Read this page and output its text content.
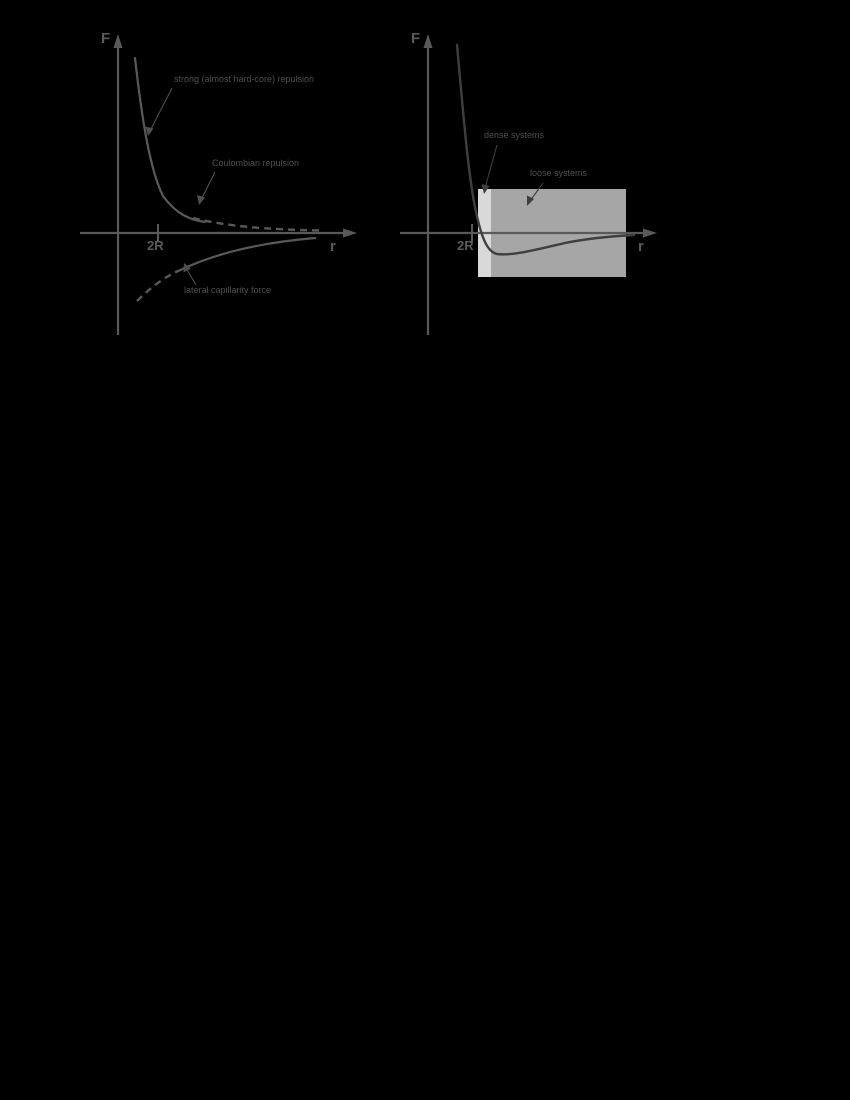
F
r
2R
strong (almost hard-core) repulsion
Coulombian repulsion
lateral capillarity force
F
r
2R
dense systems
loose systems
